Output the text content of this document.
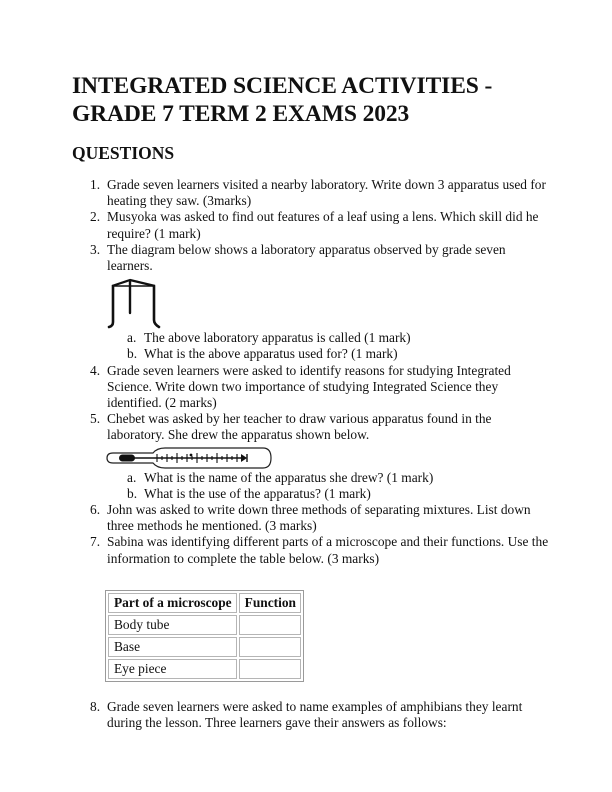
INTEGRATED SCIENCE ACTIVITIES - GRADE 7 TERM 2 EXAMS 2023
QUESTIONS
1. Grade seven learners visited a nearby laboratory. Write down 3 apparatus used for heating they saw. (3marks)
2. Musyoka was asked to find out features of a leaf using a lens. Which skill did he require? (1 mark)
3. The diagram below shows a laboratory apparatus observed by grade seven learners.
a. The above laboratory apparatus is called (1 mark)
b. What is the above apparatus used for? (1 mark)
4. Grade seven learners were asked to identify reasons for studying Integrated Science. Write down two importance of studying Integrated Science they identified. (2 marks)
5. Chebet was asked by her teacher to draw various apparatus found in the laboratory. She drew the apparatus shown below.
a. What is the name of the apparatus she drew? (1 mark)
b. What is the use of the apparatus? (1 mark)
6. John was asked to write down three methods of separating mixtures. List down three methods he mentioned. (3 marks)
7. Sabina was identifying different parts of a microscope and their functions. Use the information to complete the table below. (3 marks)
Part of a microscope	Function
Body tube	
Base	
Eye piece	
8. Grade seven learners were asked to name examples of amphibians they learnt during the lesson. Three learners gave their answers as follows:
